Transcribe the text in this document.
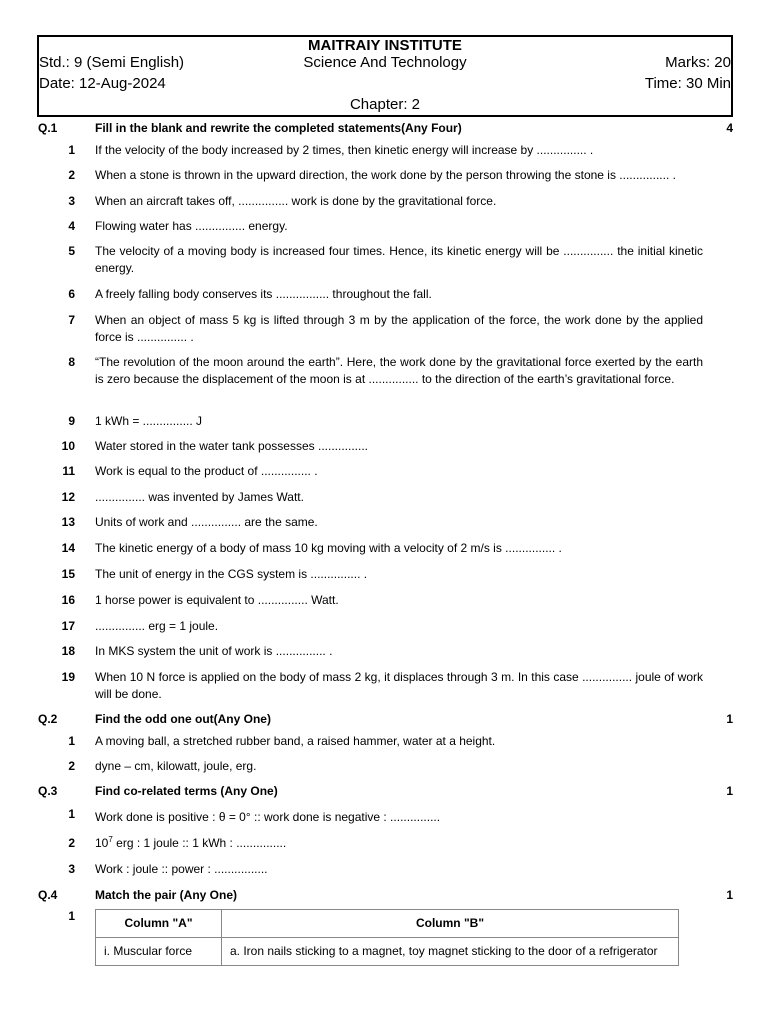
MAITRAIY INSTITUTE
Std.: 9 (Semi English)	Science And Technology	Marks: 20
Date: 12-Aug-2024	Time: 30 Min
Chapter: 2
Q.1	Fill in the blank and rewrite the completed statements(Any Four)	4
1 If the velocity of the body increased by 2 times, then kinetic energy will increase by ............... .
2 When a stone is thrown in the upward direction, the work done by the person throwing the stone is ............... .
3 When an aircraft takes off, ............... work is done by the gravitational force.
4 Flowing water has ............... energy.
5 The velocity of a moving body is increased four times. Hence, its kinetic energy will be ............... the initial kinetic energy.
6 A freely falling body conserves its ................ throughout the fall.
7 When an object of mass 5 kg is lifted through 3 m by the application of the force, the work done by the applied force is ............... .
8 “The revolution of the moon around the earth”. Here, the work done by the gravitational force exerted by the earth is zero because the displacement of the moon is at ............... to the direction of the earth’s gravitational force.
9 1 kWh = ............... J
10 Water stored in the water tank possesses ...............
11 Work is equal to the product of ............... .
12 ............... was invented by James Watt.
13 Units of work and ............... are the same.
14 The kinetic energy of a body of mass 10 kg moving with a velocity of 2 m/s is ............... .
15 The unit of energy in the CGS system is ............... .
16 1 horse power is equivalent to ............... Watt.
17 ............... erg = 1 joule.
18 In MKS system the unit of work is ............... .
19 When 10 N force is applied on the body of mass 2 kg, it displaces through 3 m. In this case ............... joule of work will be done.
Q.2	Find the odd one out(Any One)	1
1 A moving ball, a stretched rubber band, a raised hammer, water at a height.
2 dyne – cm, kilowatt, joule, erg.
Q.3	Find co-related terms (Any One)	1
1 Work done is positive : θ = 0° :: work done is negative : ...............
2 $10^7$ erg : 1 joule :: 1 kWh : ...............
3 Work : joule :: power : ................
Q.4	Match the pair (Any One)	1
1	Column "A"	Column "B"
i. Muscular force	a. Iron nails sticking to a magnet, toy magnet sticking to the door of a refrigerator
